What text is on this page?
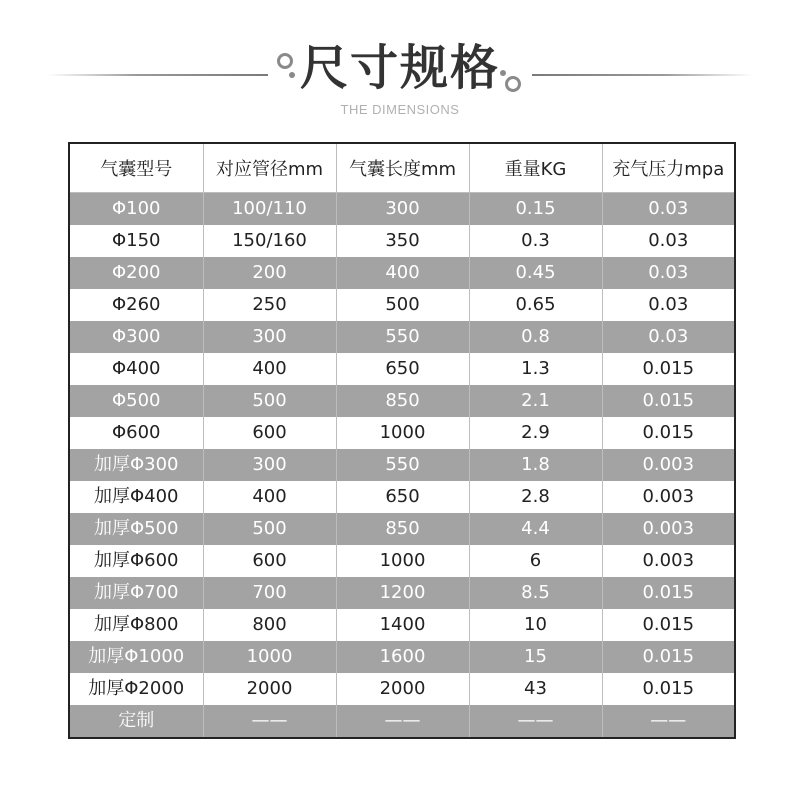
尺寸规格
THE DIMENSIONS
气囊型号	对应管径mm	气囊长度mm	重量KG	充气压力mpa
Φ100	100/110	300	0.15	0.03
Φ150	150/160	350	0.3	0.03
Φ200	200	400	0.45	0.03
Φ260	250	500	0.65	0.03
Φ300	300	550	0.8	0.03
Φ400	400	650	1.3	0.015
Φ500	500	850	2.1	0.015
Φ600	600	1000	2.9	0.015
加厚Φ300	300	550	1.8	0.003
加厚Φ400	400	650	2.8	0.003
加厚Φ500	500	850	4.4	0.003
加厚Φ600	600	1000	6	0.003
加厚Φ700	700	1200	8.5	0.015
加厚Φ800	800	1400	10	0.015
加厚Φ1000	1000	1600	15	0.015
加厚Φ2000	2000	2000	43	0.015
定制	——	——	——	——
